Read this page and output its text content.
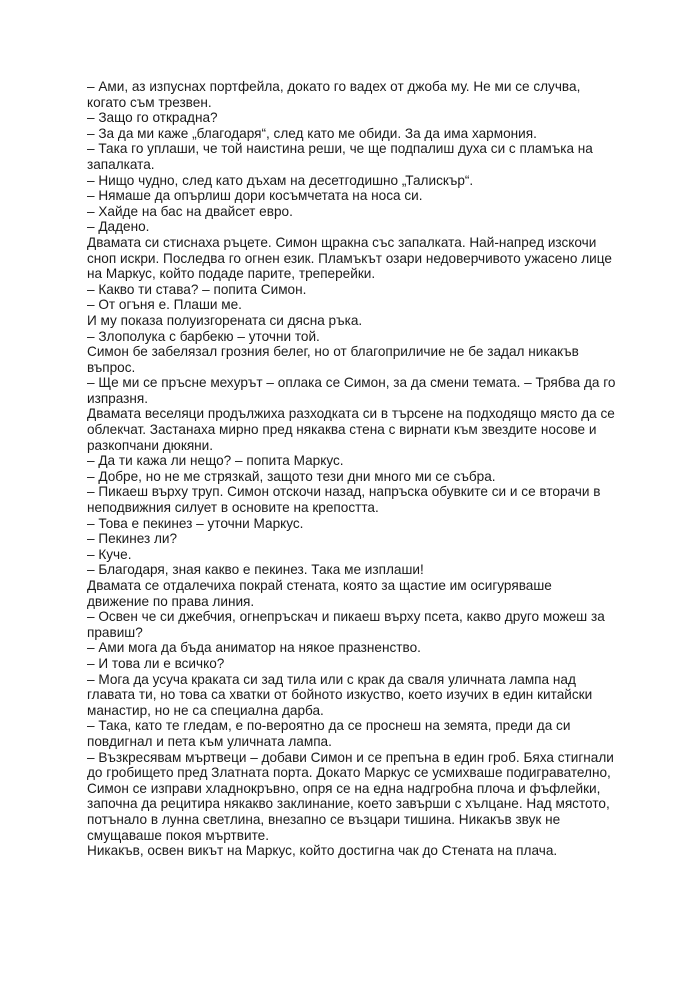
– Ами, аз изпуснах портфейла, докато го вадех от джоба му. Не ми се случва, когато съм трезвен.

– Защо го открадна?

– За да ми каже „благодаря“, след като ме обиди. За да има хармония.

– Така го уплаши, че той наистина реши, че ще подпалиш духа си с пламъка на запалката.

– Нищо чудно, след като дъхам на десетгодишно „Талискър“.

– Нямаше да опърлиш дори косъмчетата на носа си.

– Хайде на бас на двайсет евро.

– Дадено.

Двамата си стиснаха ръцете. Симон щракна със запалката. Най-напред изскочи сноп искри. Последва го огнен език. Пламъкът озари недоверчивото ужасено лице на Маркус, който подаде парите, треперейки.

– Какво ти става? – попита Симон.

– От огъня е. Плаши ме.

И му показа полуизгорената си дясна ръка.

– Злополука с барбекю – уточни той.

Симон бе забелязал грозния белег, но от благоприличие не бе задал никакъв въпрос.

– Ще ми се пръсне мехурът – оплака се Симон, за да смени темата. – Трябва да го изпразня.

Двамата веселяци продължиха разходката си в търсене на подходящо място да се облекчат. Застанаха мирно пред някаква стена с вирнати към звездите носове и разкопчани дюкяни.

– Да ти кажа ли нещо? – попита Маркус.

– Добре, но не ме стрязкай, защото тези дни много ми се събра.

– Пикаеш върху труп. Симон отскочи назад, напръска обувките си и се вторачи в неподвижния силует в основите на крепостта.

– Това е пекинез – уточни Маркус.

– Пекинез ли?

– Куче.

– Благодаря, зная какво е пекинез. Така ме изплаши!

Двамата се отдалечиха покрай стената, която за щастие им осигуряваше движение по права линия.

– Освен че си джебчия, огнепръскач и пикаеш върху псета, какво друго можеш за правиш?

– Ами мога да бъда аниматор на някое празненство.

– И това ли е всичко?

– Мога да усуча краката си зад тила или с крак да сваля уличната лампа над главата ти, но това са хватки от бойното изкуство, което изучих в един китайски манастир, но не са специална дарба.

– Така, като те гледам, е по-вероятно да се проснеш на земята, преди да си повдигнал и пета към уличната лампа.

– Възкресявам мъртвеци – добави Симон и се препъна в един гроб. Бяха стигнали до гробището пред Златната порта. Докато Маркус се усмихваше подигравателно, Симон се изправи хладнокръвно, опря се на една надгробна плоча и фъфлейки, започна да рецитира някакво заклинание, което завърши с хълцане. Над мястото, потънало в лунна светлина, внезапно се възцари тишина. Никакъв звук не смущаваше покоя мъртвите.

Никакъв, освен викът на Маркус, който достигна чак до Стената на плача.
